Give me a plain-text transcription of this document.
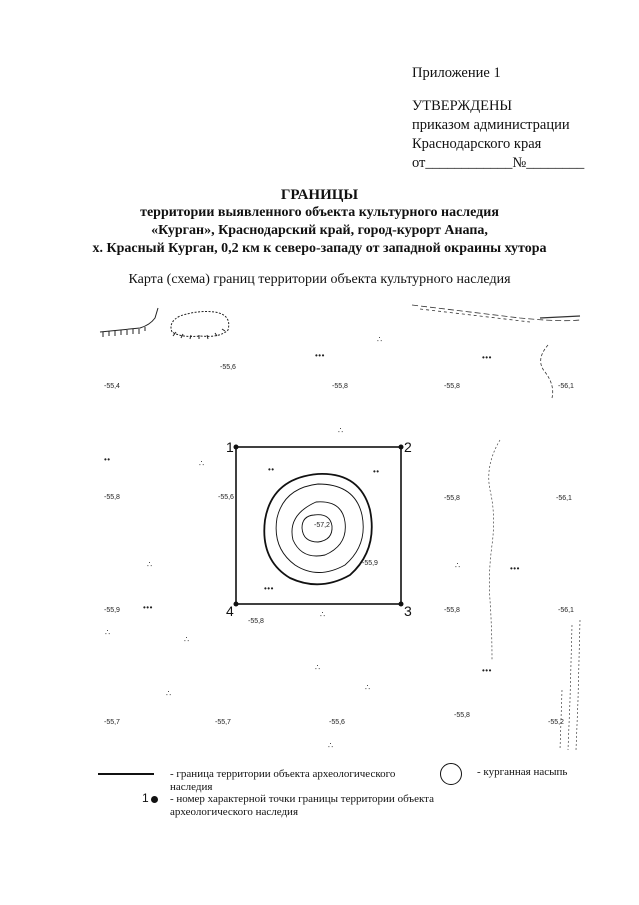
Приложение 1
УТВЕРЖДЕНЫ
приказом администрации
Краснодарского края
от____________№________
ГРАНИЦЫ
территории выявленного объекта культурного наследия
«Курган», Краснодарский край, город-курорт Анапа,
х. Красный Курган, 0,2 км к северо-западу от западной окраины хутора
Карта (схема) границ территории объекта культурного наследия
1	2
3
4
-55,6
-55,4	-55,8	-55,8	-56,1
-55,8	-55,6
-57,2
-55,9
-55,8	-56,1
-55,9
-55,8
-55,8	-56,1
-55,7	-55,7	-55,6
-55,8
-55,2
∴
•••	•••
∴
∴
••
••	••
∴
•••
∴	•••
•••
∴
∴
∴
∴	•••
∴
∴
∴
- граница территории объекта археологического наследия
- курганная насыпь
1 - номер характерной точки границы территории объекта археологического наследия
